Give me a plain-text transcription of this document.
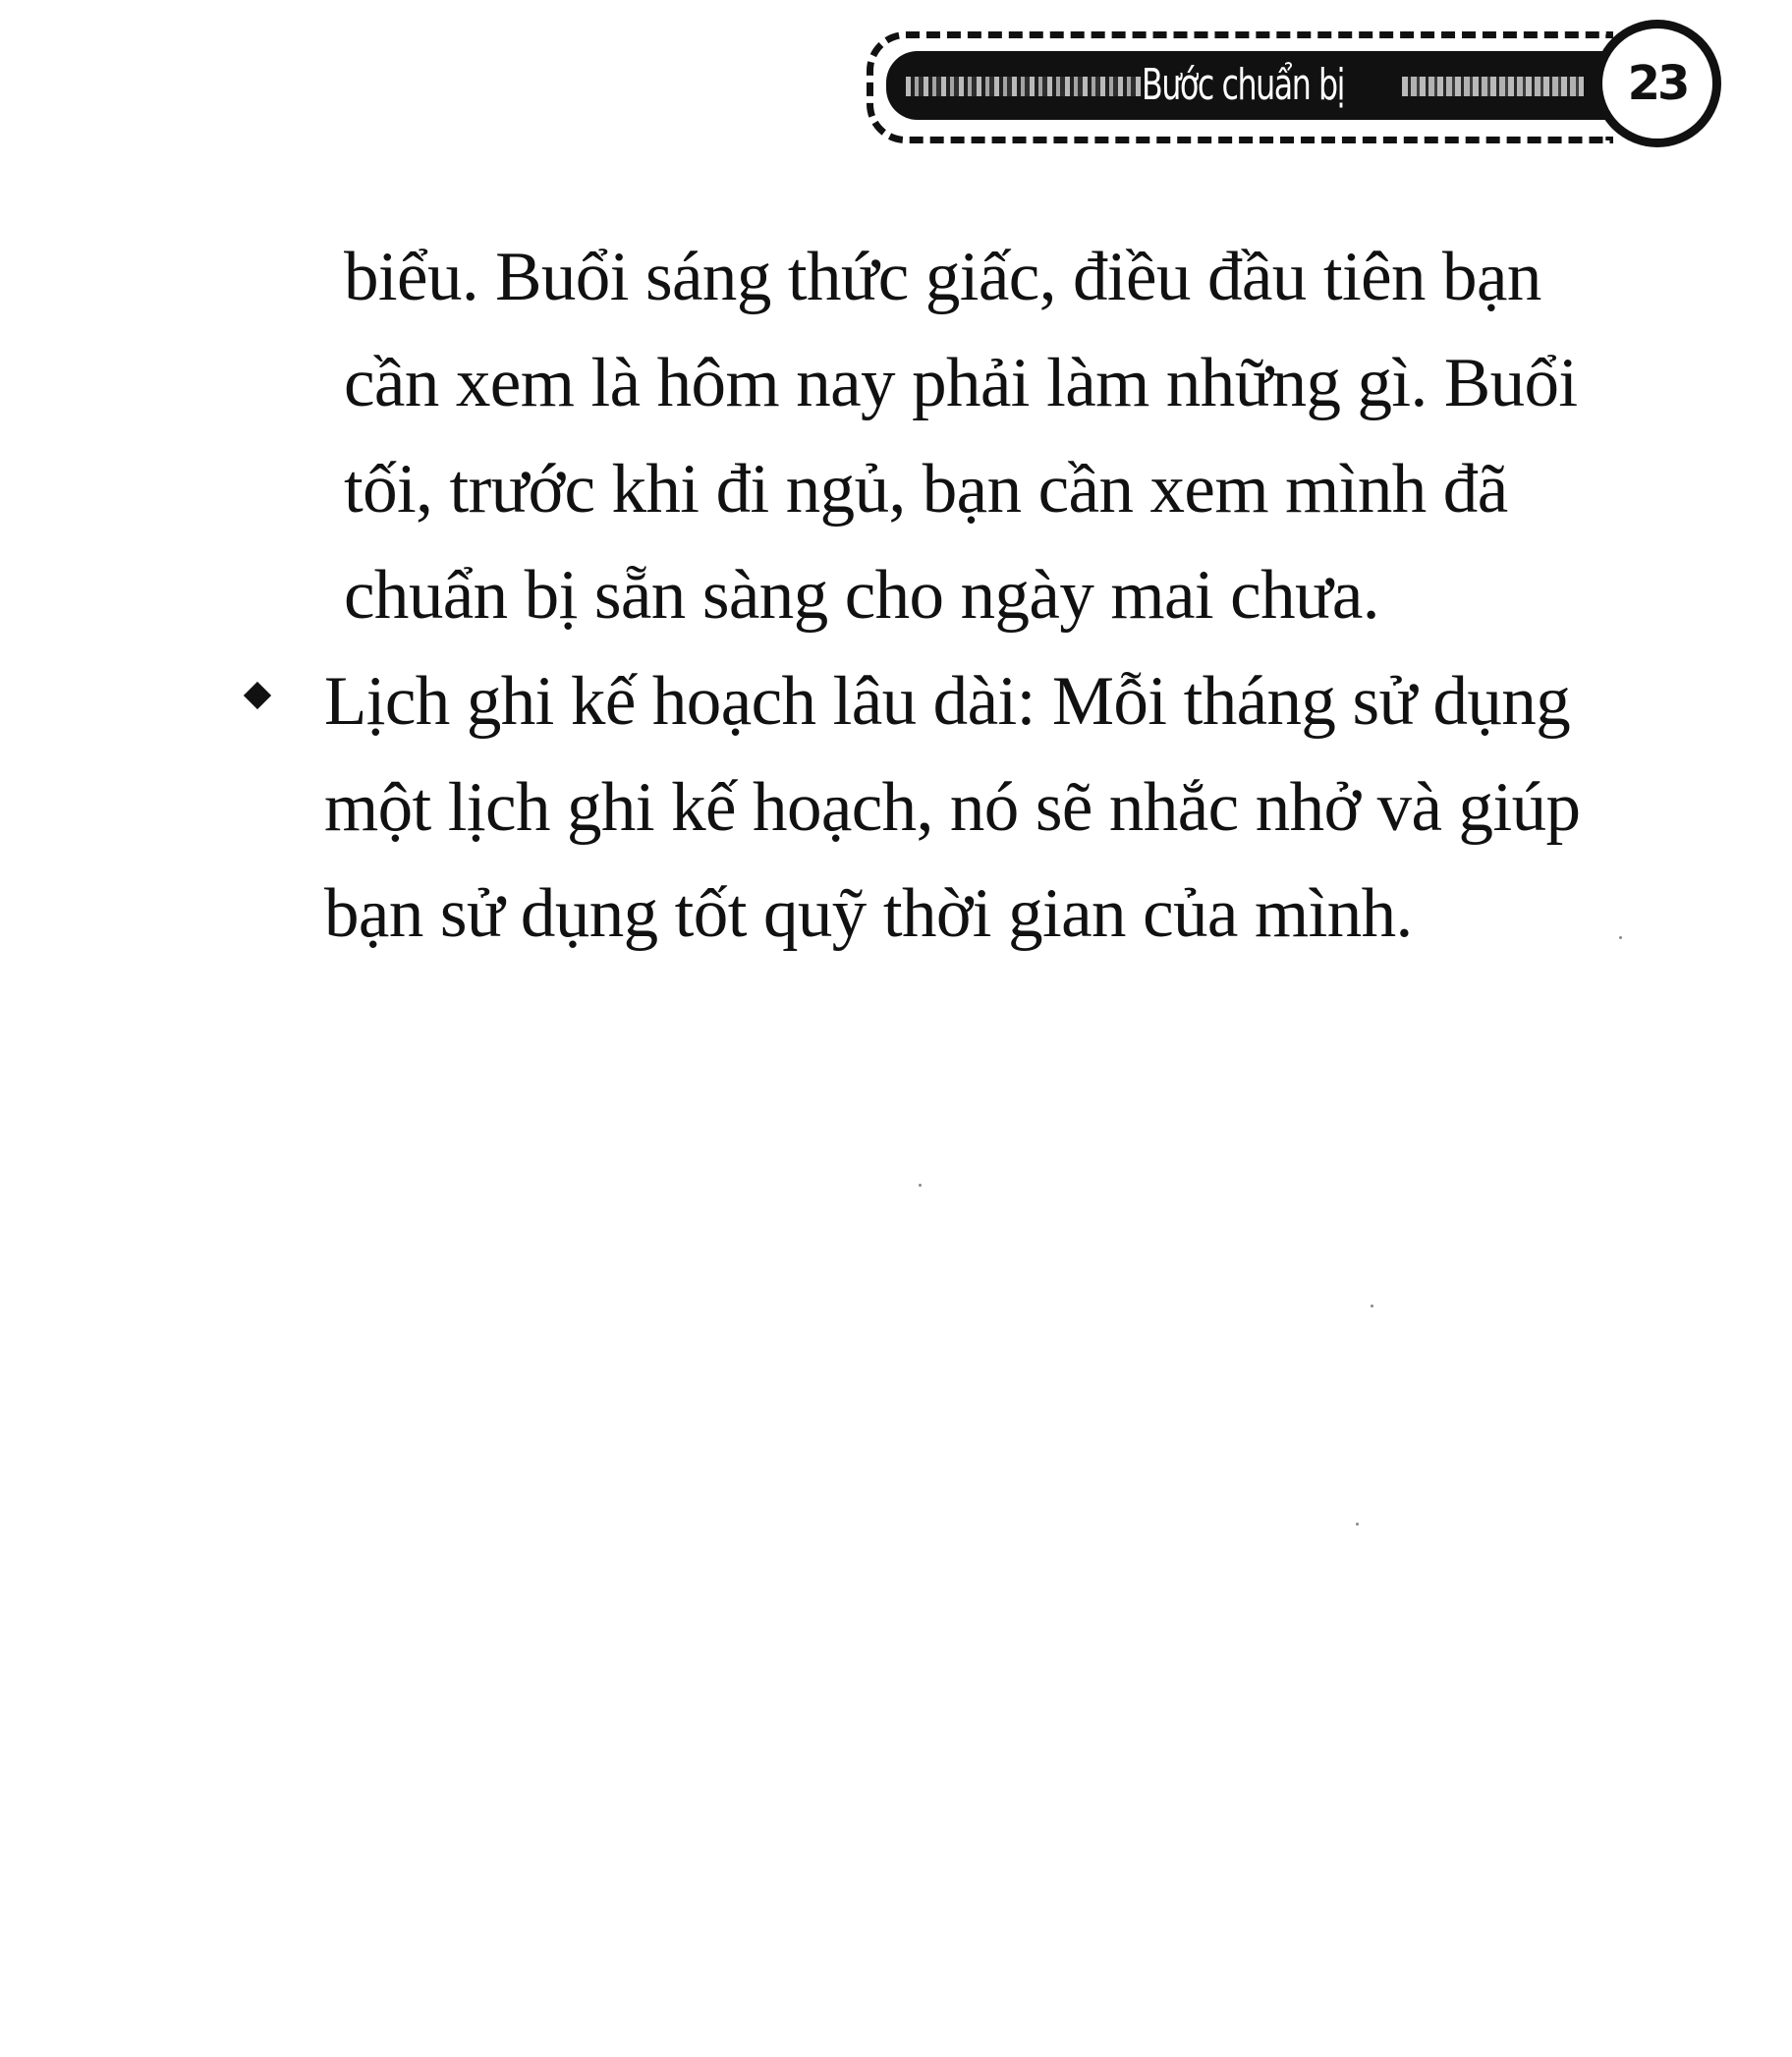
Bước chuẩn bị	23
biểu. Buổi sáng thức giấc, điều đầu tiên bạn
cần xem là hôm nay phải làm những gì. Buổi
tối, trước khi đi ngủ, bạn cần xem mình đã
chuẩn bị sẵn sàng cho ngày mai chưa.
Lịch ghi kế hoạch lâu dài: Mỗi tháng sử dụng
một lịch ghi kế hoạch, nó sẽ nhắc nhở và giúp
bạn sử dụng tốt quỹ thời gian của mình.
